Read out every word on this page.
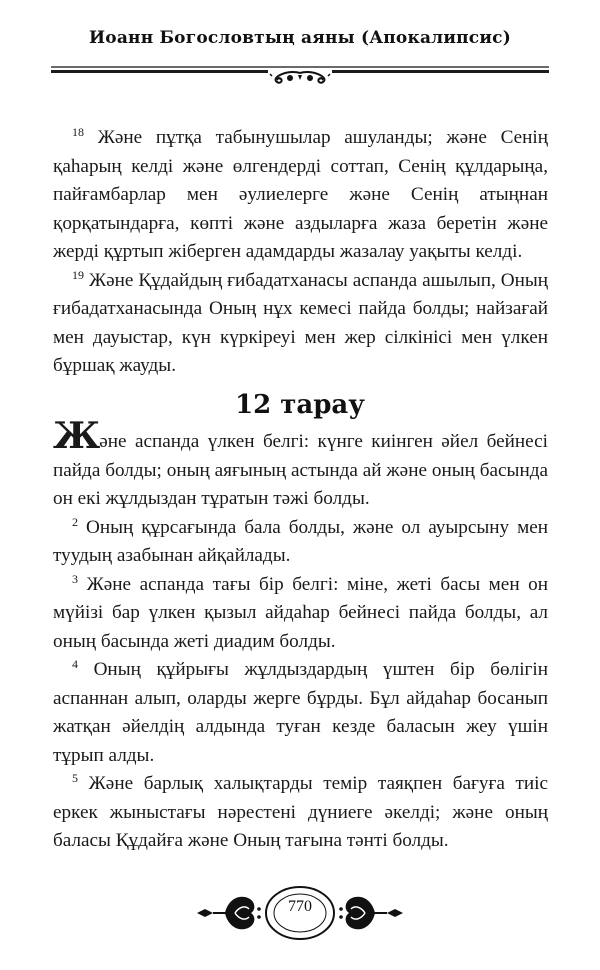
Иоанн Богословтың аяны (Апокалипсис)

$^{18}$ Және пұтқа табынушылар ашуланды; және Сенің қаһарың келді және өлгендерді соттап, Сенің құлдарыңа, пайғамбарлар мен әулиелерге және Сенің атыңнан қорқатындарға, көпті және аздыларға жаза беретін және жерді құртып жіберген адамдарды жазалау уақыты келді.

$^{19}$ Және Құдайдың ғибадатханасы аспанда ашылып, Оның ғибадатханасында Оның нұх кемесі пайда болды; найзағай мен дауыстар, күн күркіреуі мен жер сілкінісі мен үлкен бұршақ жауды.

12 тарау

Және аспанда үлкен белгі: күнге киінген әйел бейнесі пайда болды; оның аяғының астында ай және оның басында он екі жұлдыздан тұратын тәжі болды.

$^2$ Оның құрсағында бала болды, және ол ауырсыну мен туудың азабынан айқайлады.

$^3$ Және аспанда тағы бір белгі: міне, жеті басы мен он мүйізі бар үлкен қызыл айдаһар бейнесі пайда болды, ал оның басында жеті диадим болды.

$^4$ Оның құйрығы жұлдыздардың үштен бір бөлігін аспаннан алып, оларды жерге бұрды. Бұл айдаһар босанып жатқан әйелдің алдында туған кезде баласын жеу үшін тұрып алды.

$^5$ Және барлық халықтарды темір таяқпен бағуға тиіс еркек жыныстағы нәрестені дүниеге әкелді; және оның баласы Құдайға және Оның тағына тәнті болды.

770
